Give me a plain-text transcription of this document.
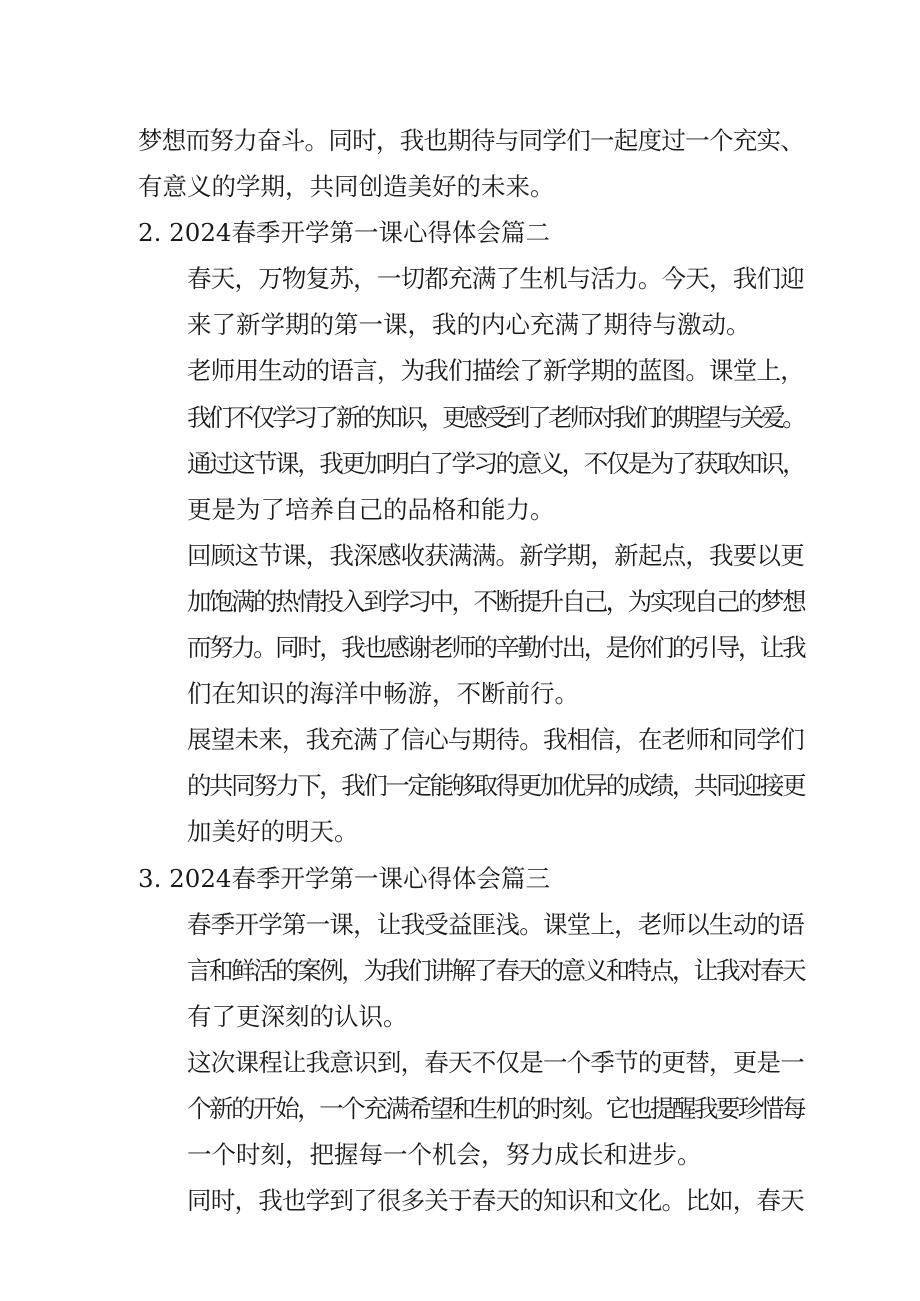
梦想而努力奋斗。同时，我也期待与同学们一起度过一个充实、
有意义的学期，共同创造美好的未来。
2. 2024春季开学第一课心得体会篇二
春天，万物复苏，一切都充满了生机与活力。今天，我们迎
来了新学期的第一课，我的内心充满了期待与激动。
老师用生动的语言，为我们描绘了新学期的蓝图。课堂上，
我们不仅学习了新的知识，更感受到了老师对我们的期望与关爱。
通过这节课，我更加明白了学习的意义，不仅是为了获取知识，
更是为了培养自己的品格和能力。
回顾这节课，我深感收获满满。新学期，新起点，我要以更
加饱满的热情投入到学习中，不断提升自己，为实现自己的梦想
而努力。同时，我也感谢老师的辛勤付出，是你们的引导，让我
们在知识的海洋中畅游，不断前行。
展望未来，我充满了信心与期待。我相信，在老师和同学们
的共同努力下，我们一定能够取得更加优异的成绩，共同迎接更
加美好的明天。
3. 2024春季开学第一课心得体会篇三
春季开学第一课，让我受益匪浅。课堂上，老师以生动的语
言和鲜活的案例，为我们讲解了春天的意义和特点，让我对春天
有了更深刻的认识。
这次课程让我意识到，春天不仅是一个季节的更替，更是一
个新的开始，一个充满希望和生机的时刻。它也提醒我要珍惜每
一个时刻，把握每一个机会，努力成长和进步。
同时，我也学到了很多关于春天的知识和文化。比如，春天
